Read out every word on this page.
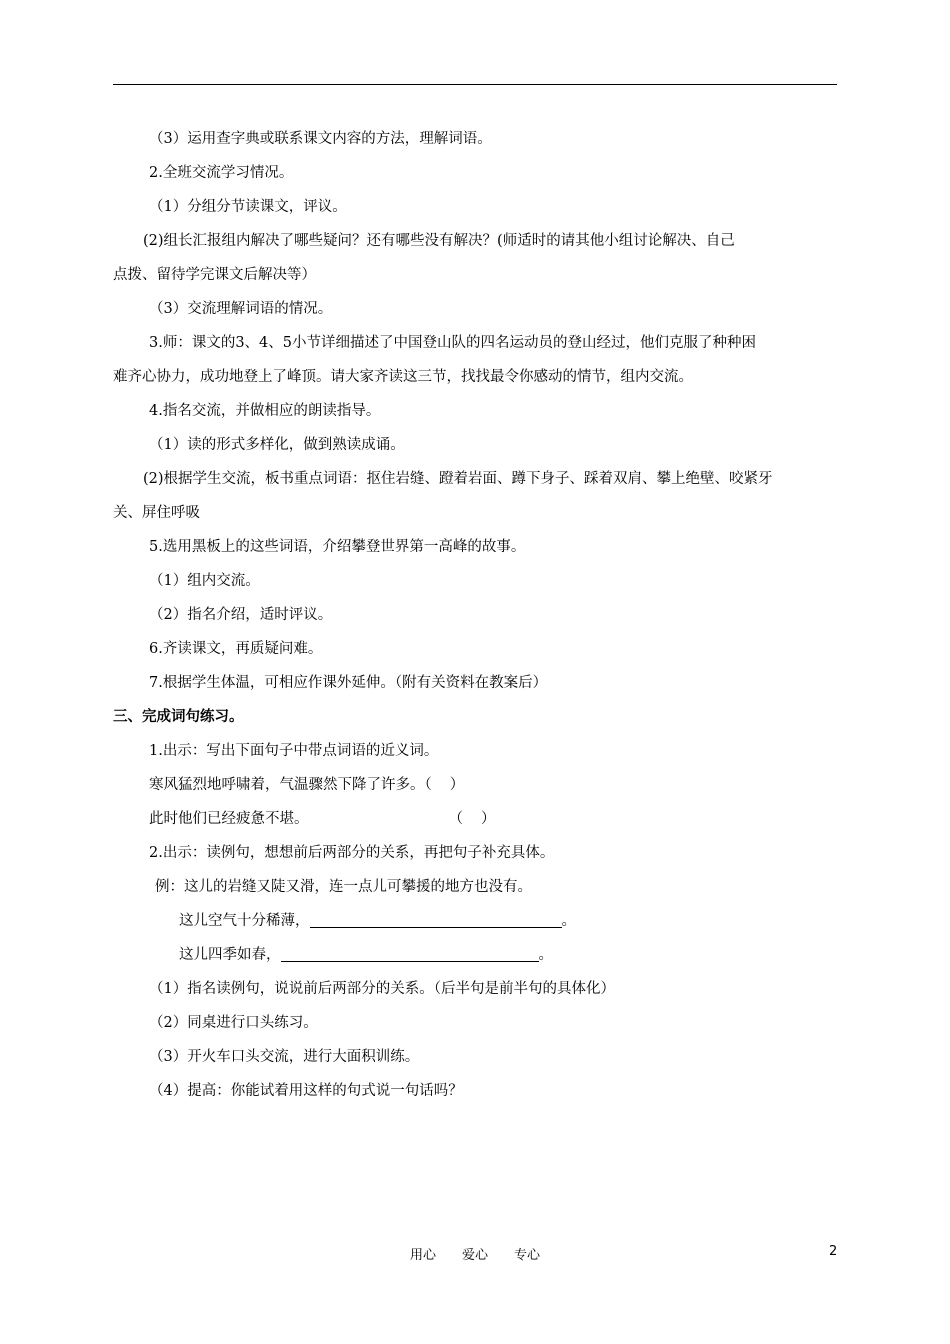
（3）运用查字典或联系课文内容的方法，理解词语。
2.全班交流学习情况。
（1）分组分节读课文，评议。
(2)组长汇报组内解决了哪些疑问？还有哪些没有解决？(师适时的请其他小组讨论解决、自己
点拨、留待学完课文后解决等）
（3）交流理解词语的情况。
3.师：课文的3、4、5小节详细描述了中国登山队的四名运动员的登山经过，他们克服了种种困
难齐心协力，成功地登上了峰顶。请大家齐读这三节，找找最令你感动的情节，组内交流。
4.指名交流，并做相应的朗读指导。
（1）读的形式多样化，做到熟读成诵。
(2)根据学生交流，板书重点词语：抠住岩缝、蹬着岩面、蹲下身子、踩着双肩、攀上绝壁、咬紧牙
关、屏住呼吸
5.选用黑板上的这些词语，介绍攀登世界第一高峰的故事。
（1）组内交流。
（2）指名介绍，适时评议。
6.齐读课文，再质疑问难。
7.根据学生体温，可相应作课外延伸。（附有关资料在教案后）
三、完成词句练习。
1.出示：写出下面句子中带点词语的近义词。
寒风猛烈地呼啸着，气温骤然下降了许多。（ ）
此时他们已经疲惫不堪。	（ ）
2.出示：读例句，想想前后两部分的关系，再把句子补充具体。
例：这儿的岩缝又陡又滑，连一点儿可攀援的地方也没有。
这儿空气十分稀薄，	。
这儿四季如春，	。
（1）指名读例句，说说前后两部分的关系。（后半句是前半句的具体化）
（2）同桌进行口头练习。
（3）开火车口头交流，进行大面积训练。
（4）提高：你能试着用这样的句式说一句话吗？
用心 爱心 专心	2
